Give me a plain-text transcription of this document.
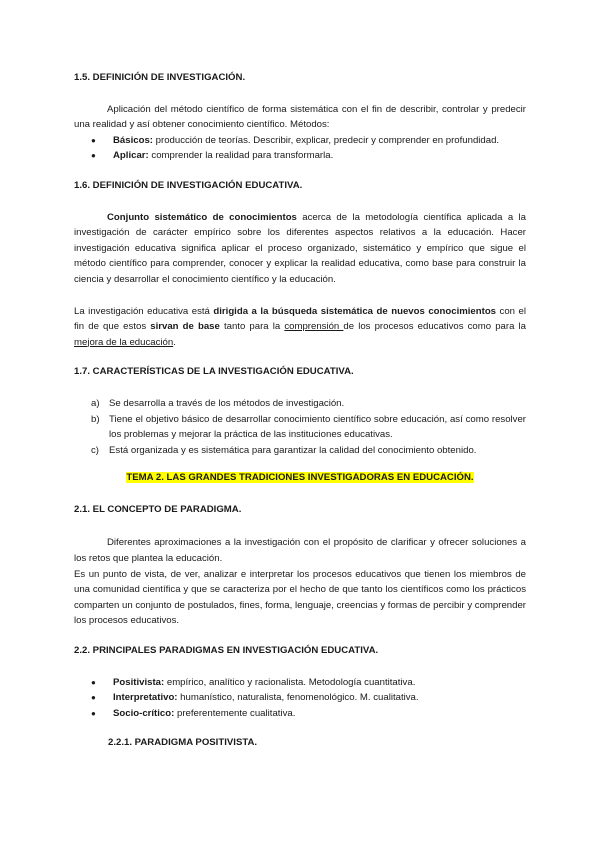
1.5. DEFINICIÓN DE INVESTIGACIÓN.

Aplicación del método científico de forma sistemática con el fin de describir, controlar y predecir una realidad y así obtener conocimiento científico. Métodos:

● Básicos: producción de teorías. Describir, explicar, predecir y comprender en profundidad.
● Aplicar: comprender la realidad para transformarla.

1.6. DEFINICIÓN DE INVESTIGACIÓN EDUCATIVA.

Conjunto sistemático de conocimientos acerca de la metodología científica aplicada a la investigación de carácter empírico sobre los diferentes aspectos relativos a la educación. Hacer investigación educativa significa aplicar el proceso organizado, sistemático y empírico que sigue el método científico para comprender, conocer y explicar la realidad educativa, como base para construir la ciencia y desarrollar el conocimiento científico y la educación.

La investigación educativa está dirigida a la búsqueda sistemática de nuevos conocimientos con el fin de que estos sirvan de base tanto para la comprensión de los procesos educativos como para la mejora de la educación.

1.7. CARACTERÍSTICAS DE LA INVESTIGACIÓN EDUCATIVA.

a) Se desarrolla a través de los métodos de investigación.
b) Tiene el objetivo básico de desarrollar conocimiento científico sobre educación, así como resolver los problemas y mejorar la práctica de las instituciones educativas.
c) Está organizada y es sistemática para garantizar la calidad del conocimiento obtenido.

TEMA 2. LAS GRANDES TRADICIONES INVESTIGADORAS EN EDUCACIÓN.

2.1. EL CONCEPTO DE PARADIGMA.

Diferentes aproximaciones a la investigación con el propósito de clarificar y ofrecer soluciones a los retos que plantea la educación.

Es un punto de vista, de ver, analizar e interpretar los procesos educativos que tienen los miembros de una comunidad científica y que se caracteriza por el hecho de que tanto los científicos como los prácticos comparten un conjunto de postulados, fines, forma, lenguaje, creencias y formas de percibir y comprender los procesos educativos.

2.2. PRINCIPALES PARADIGMAS EN INVESTIGACIÓN EDUCATIVA.

● Positivista: empírico, analítico y racionalista. Metodología cuantitativa.
● Interpretativo: humanístico, naturalista, fenomenológico. M. cualitativa.
● Socio-crítico: preferentemente cualitativa.

2.2.1. PARADIGMA POSITIVISTA.
